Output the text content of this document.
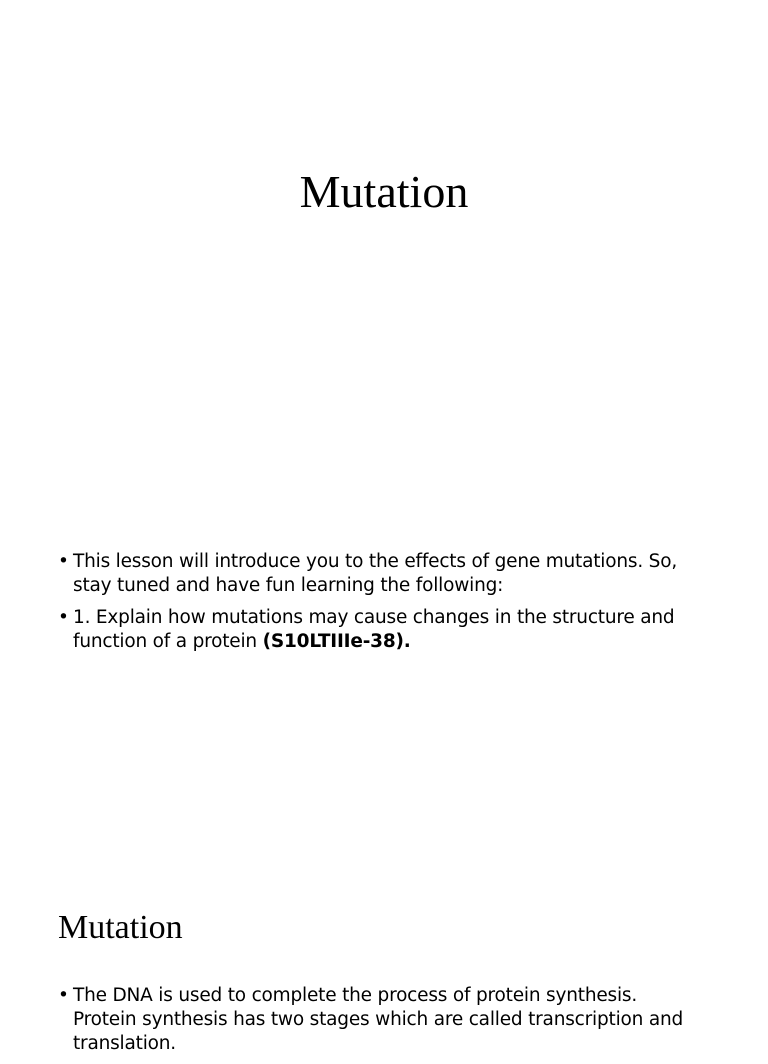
Mutation
• This lesson will introduce you to the effects of gene mutations. So, stay tuned and have fun learning the following:
• 1. Explain how mutations may cause changes in the structure and function of a protein (S10LTIIIe-38).
Mutation
• The DNA is used to complete the process of protein synthesis. Protein synthesis has two stages which are called transcription and translation.
